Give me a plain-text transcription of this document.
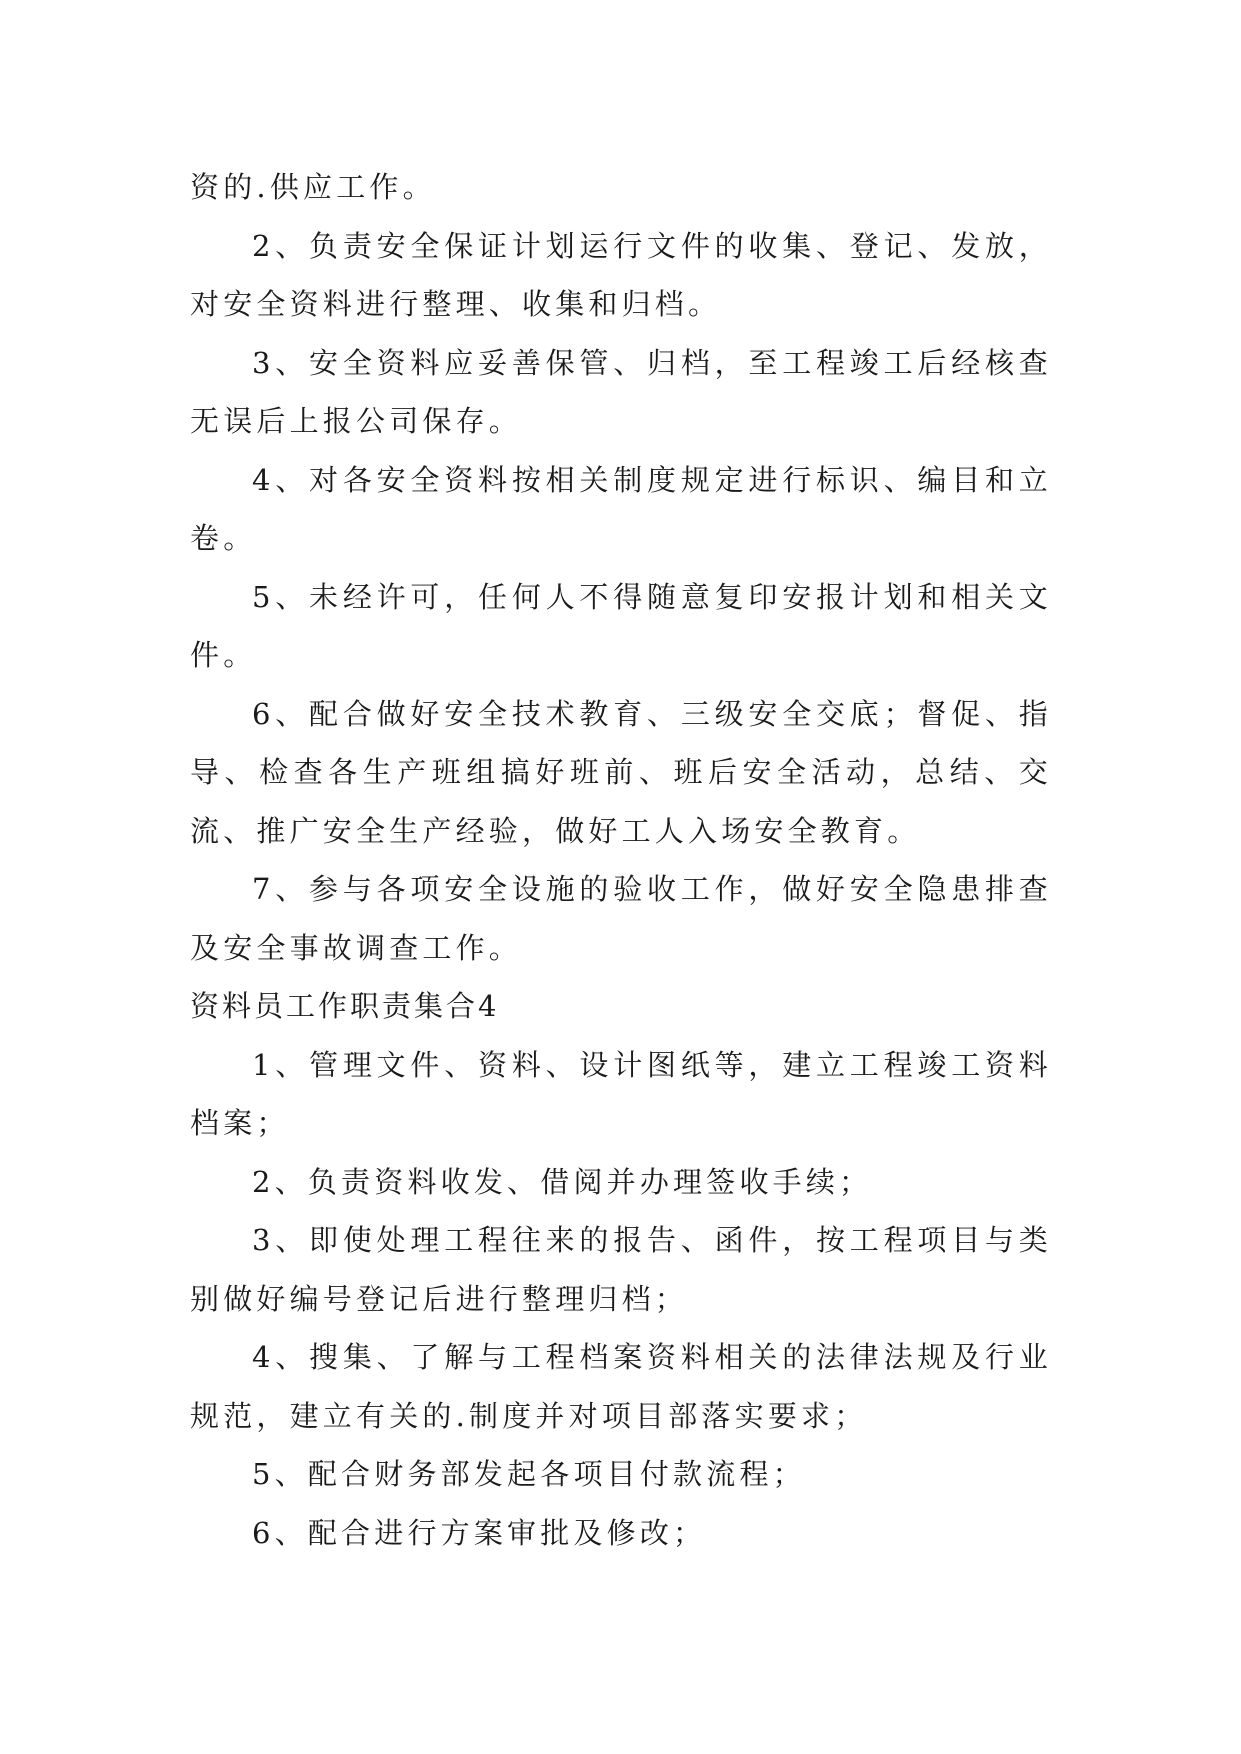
资的.供应工作。

2、负责安全保证计划运行文件的收集、登记、发放，对安全资料进行整理、收集和归档。

3、安全资料应妥善保管、归档，至工程竣工后经核查无误后上报公司保存。

4、对各安全资料按相关制度规定进行标识、编目和立卷。

5、未经许可，任何人不得随意复印安报计划和相关文件。

6、配合做好安全技术教育、三级安全交底；督促、指导、检查各生产班组搞好班前、班后安全活动，总结、交流、推广安全生产经验，做好工人入场安全教育。

7、参与各项安全设施的验收工作，做好安全隐患排查及安全事故调查工作。

资料员工作职责集合4

1、管理文件、资料、设计图纸等，建立工程竣工资料档案；

2、负责资料收发、借阅并办理签收手续；

3、即使处理工程往来的报告、函件，按工程项目与类别做好编号登记后进行整理归档；

4、搜集、了解与工程档案资料相关的法律法规及行业规范，建立有关的.制度并对项目部落实要求；

5、配合财务部发起各项目付款流程；

6、配合进行方案审批及修改；
